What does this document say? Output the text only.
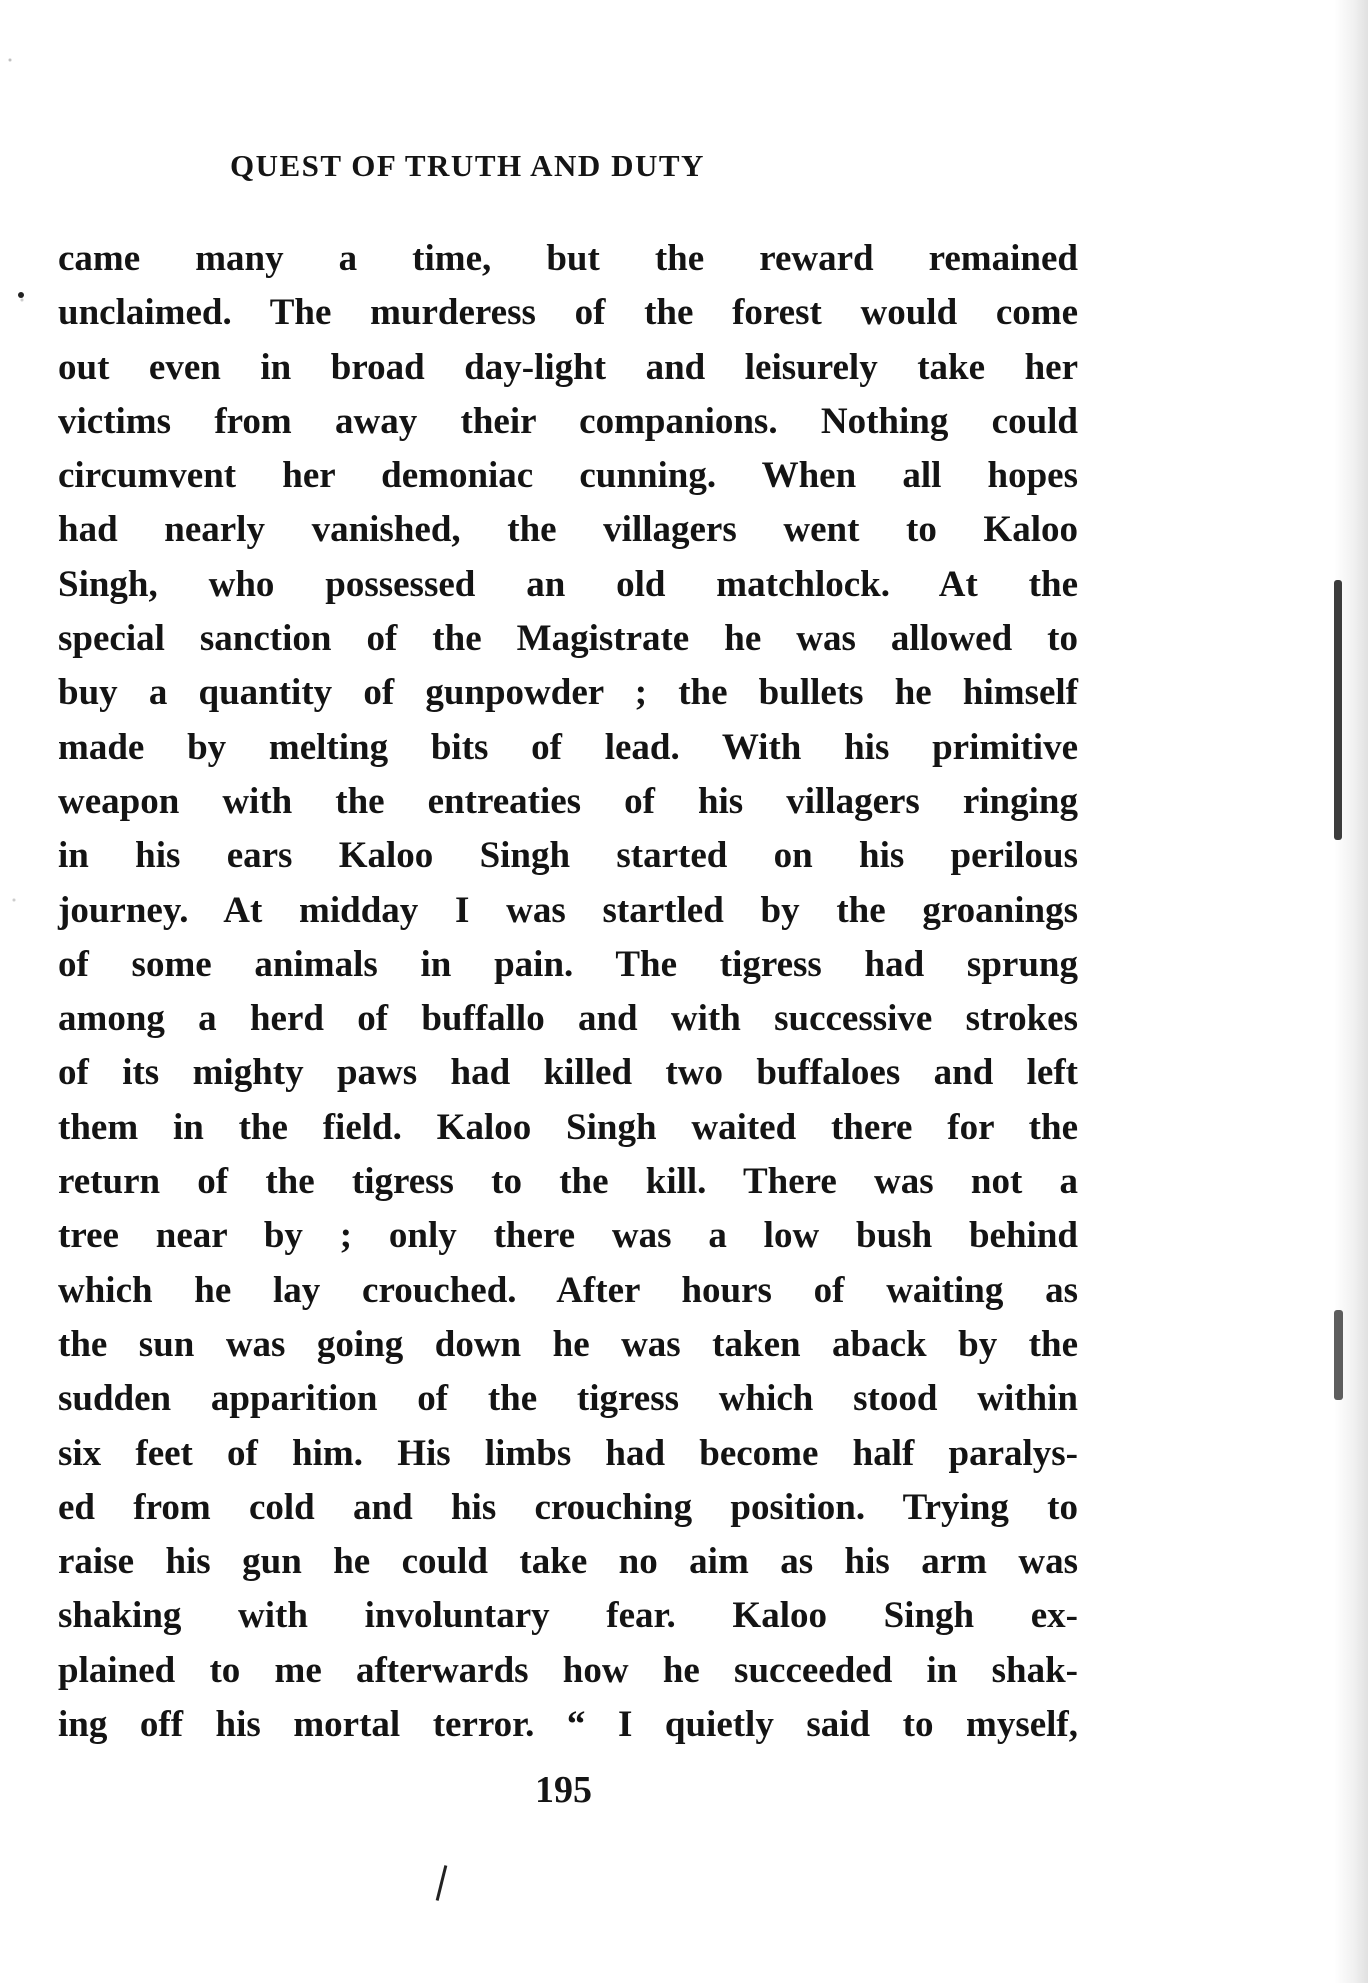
QUEST OF TRUTH AND DUTY
came many a time, but the reward remained
unclaimed. The murderess of the forest would come
out even in broad day-light and leisurely take her
victims from away their companions. Nothing could
circumvent her demoniac cunning. When all hopes
had nearly vanished, the villagers went to Kaloo
Singh, who possessed an old matchlock. At the
special sanction of the Magistrate he was allowed to
buy a quantity of gunpowder ; the bullets he himself
made by melting bits of lead. With his primitive
weapon with the entreaties of his villagers ringing
in his ears Kaloo Singh started on his perilous
journey. At midday I was startled by the groanings
of some animals in pain. The tigress had sprung
among a herd of buffallo and with successive strokes
of its mighty paws had killed two buffaloes and left
them in the field. Kaloo Singh waited there for the
return of the tigress to the kill. There was not a
tree near by ; only there was a low bush behind
which he lay crouched. After hours of waiting as
the sun was going down he was taken aback by the
sudden apparition of the tigress which stood within
six feet of him. His limbs had become half paralys-
ed from cold and his crouching position. Trying to
raise his gun he could take no aim as his arm was
shaking with involuntary fear. Kaloo Singh ex-
plained to me afterwards how he succeeded in shak-
ing off his mortal terror. “ I quietly said to myself,
195
